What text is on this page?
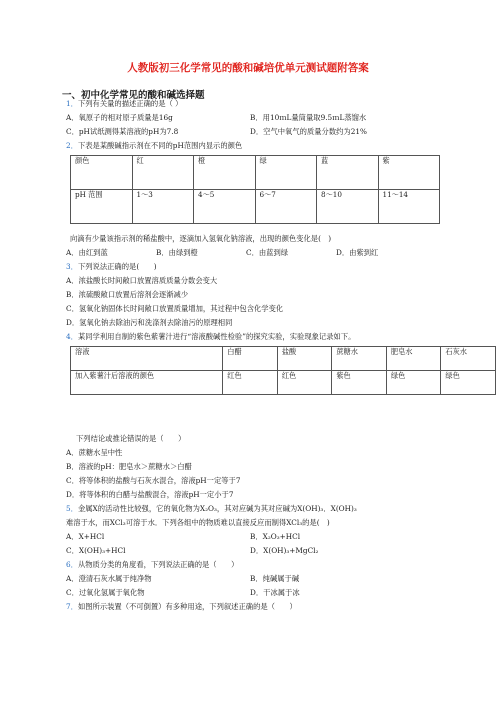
人教版初三化学常见的酸和碱培优单元测试题附答案
一、初中化学常见的酸和碱选择题
1．下列有关量的描述正确的是（ ）
A．氧原子的相对原子质量是16g	B．用10ｍL量筒量取9.5ｍL蒸馏水
C．pH试纸测得某溶液的pH为7.8	D．空气中氧气的质量分数约为21%
2．下表是某酸碱指示剂在不同的pH范围内显示的颜色
颜色	红	橙	绿	蓝	紫
pH 范围	1～3	4～5	6～7	8～10	11～14
向滴有少量该指示剂的稀盐酸中，逐滴加入氢氧化钠溶液，出现的颜色变化是(　)
A．由红到蓝	B．由绿到橙	C．由蓝到绿	D．由紫到红
3．下列说法正确的是(　　)
A．浓盐酸长时间敞口放置溶质质量分数会变大
B．浓硫酸敞口放置后溶剂会逐渐减少
C．氢氧化钠固体长时间敞口放置质量增加，其过程中包含化学变化
D．氢氧化钠去除油污和洗涤剂去除油污的原理相同
4．某同学利用自制的紫色紫薯汁进行“溶液酸碱性检验”的探究实验，实验现象记录如下。
溶液	白醋	盐酸	蔗糖水	肥皂水	石灰水
加入紫薯汁后溶液的颜色	红色	红色	紫色	绿色	绿色
下列结论或推论错误的是（　　）
A．蔗糖水呈中性
B．溶液的pH：肥皂水＞蔗糖水＞白醋
C．将等体积的盐酸与石灰水混合，溶液pH一定等于7
D．将等体积的白醋与盐酸混合，溶液pH一定小于7
5．金属X的活动性比较强，它的氧化物为X₂O₃，其对应碱为其对应碱为X(OH)₃．X(OH)₃
难溶于水，而XCl₃可溶于水．下列各组中的物质难以直接反应而制得XCl₃的是(　)
A．X+HCl	B．X₂O₃+HCl
C．X(OH)₃+HCl	D．X(OH)₃+MgCl₂
6．从物质分类的角度看，下列说法正确的是（　　）
A．澄清石灰水属于纯净物	B．纯碱属于碱
C．过氧化氢属于氧化物	D．干冰属于冰
7．如图所示装置（不可倒置）有多种用途，下列叙述正确的是（　　）
